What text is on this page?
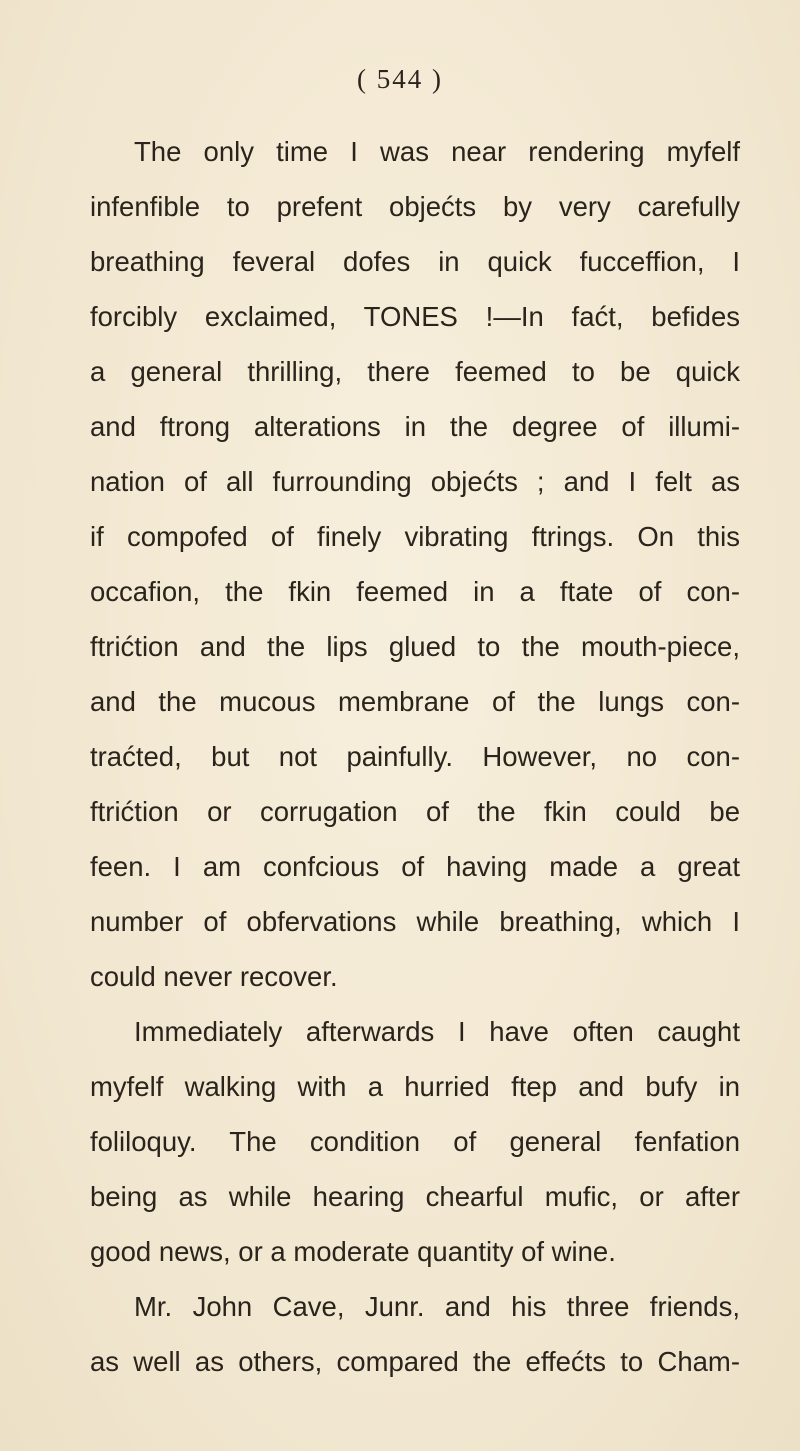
( 544 )
The only time I was near rendering myfelf
infenfible to prefent objećts by very carefully
breathing feveral dofes in quick fucceffion, I
forcibly exclaimed, TONES !—In faćt, befides
a general thrilling, there feemed to be quick
and ftrong alterations in the degree of illumi-
nation of all furrounding objećts ; and I felt as
if compofed of finely vibrating ftrings. On this
occafion, the fkin feemed in a ftate of con-
ftrićtion and the lips glued to the mouth-piece,
and the mucous membrane of the lungs con-
traćted, but not painfully. However, no con-
ftrićtion or corrugation of the fkin could be
feen. I am confcious of having made a great
number of obfervations while breathing, which I
could never recover.
Immediately afterwards I have often caught
myfelf walking with a hurried ftep and bufy in
foliloquy. The condition of general fenfation
being as while hearing chearful mufic, or after
good news, or a moderate quantity of wine.
Mr. John Cave, Junr. and his three friends,
as well as others, compared the effećts to Cham-
